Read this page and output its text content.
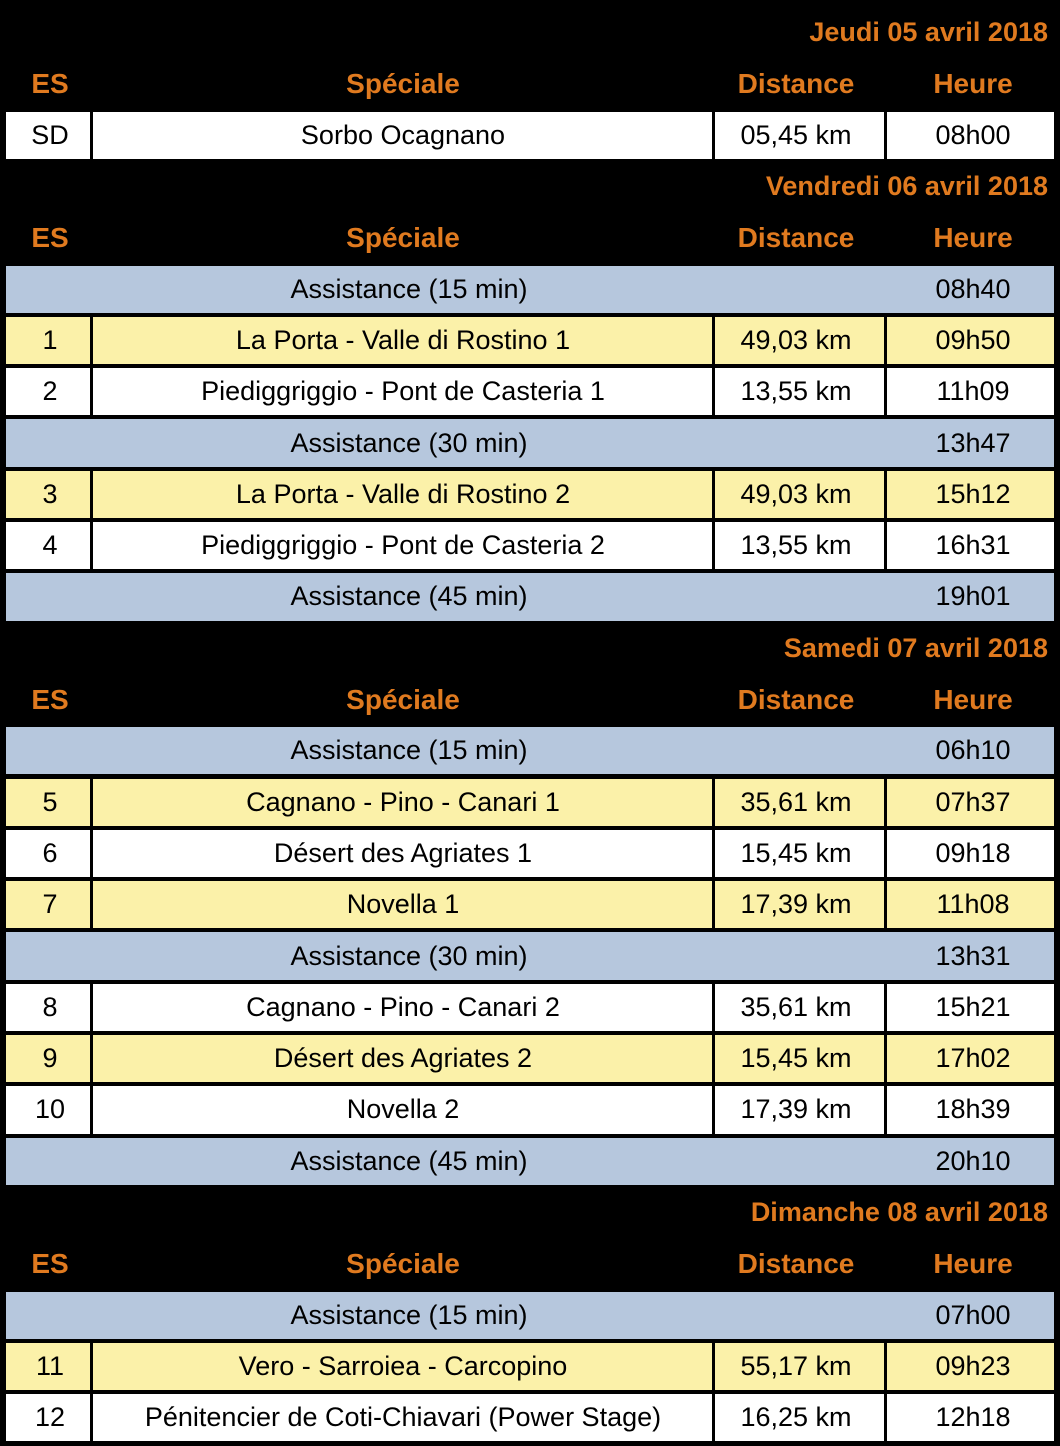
Jeudi 05 avril 2018
ES	Spéciale	Distance	Heure
SD	Sorbo Ocagnano	05,45 km	08h00
Vendredi 06 avril 2018
ES	Spéciale	Distance	Heure
Assistance (15 min)	08h40
1	La Porta - Valle di Rostino 1	49,03 km	09h50
2	Piediggriggio - Pont de Casteria 1	13,55 km	11h09
Assistance (30 min)	13h47
3	La Porta - Valle di Rostino 2	49,03 km	15h12
4	Piediggriggio - Pont de Casteria 2	13,55 km	16h31
Assistance (45 min)	19h01
Samedi 07 avril 2018
ES	Spéciale	Distance	Heure
Assistance (15 min)	06h10
5	Cagnano - Pino - Canari 1	35,61 km	07h37
6	Désert des Agriates 1	15,45 km	09h18
7	Novella 1	17,39 km	11h08
Assistance (30 min)	13h31
8	Cagnano - Pino - Canari 2	35,61 km	15h21
9	Désert des Agriates 2	15,45 km	17h02
10	Novella 2	17,39 km	18h39
Assistance (45 min)	20h10
Dimanche 08 avril 2018
ES	Spéciale	Distance	Heure
Assistance (15 min)	07h00
11	Vero - Sarroiea - Carcopino	55,17 km	09h23
12	Pénitencier de Coti-Chiavari (Power Stage)	16,25 km	12h18
